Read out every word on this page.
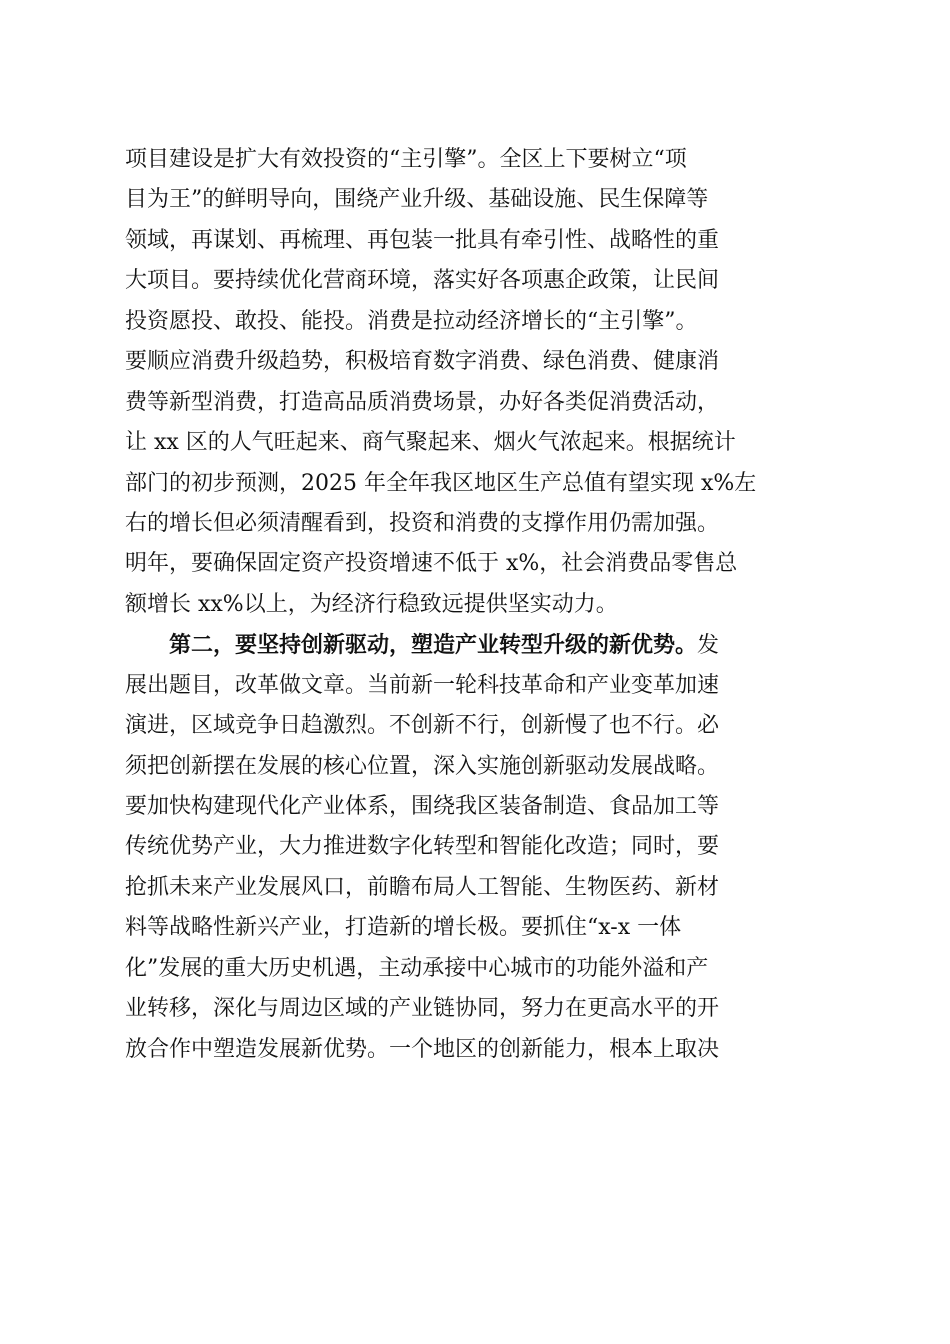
项目建设是扩大有效投资的“主引擎”。全区上下要树立“项
目为王”的鲜明导向，围绕产业升级、基础设施、民生保障等
领域，再谋划、再梳理、再包装一批具有牵引性、战略性的重
大项目。要持续优化营商环境，落实好各项惠企政策，让民间
投资愿投、敢投、能投。消费是拉动经济增长的“主引擎”。
要顺应消费升级趋势，积极培育数字消费、绿色消费、健康消
费等新型消费，打造高品质消费场景，办好各类促消费活动，
让 xx 区的人气旺起来、商气聚起来、烟火气浓起来。根据统计
部门的初步预测，2025 年全年我区地区生产总值有望实现 x%左
右的增长但必须清醒看到，投资和消费的支撑作用仍需加强。
明年，要确保固定资产投资增速不低于 x%，社会消费品零售总
额增长 xx%以上，为经济行稳致远提供坚实动力。
第二，要坚持创新驱动，塑造产业转型升级的新优势。发
展出题目，改革做文章。当前新一轮科技革命和产业变革加速
演进，区域竞争日趋激烈。不创新不行，创新慢了也不行。必
须把创新摆在发展的核心位置，深入实施创新驱动发展战略。
要加快构建现代化产业体系，围绕我区装备制造、食品加工等
传统优势产业，大力推进数字化转型和智能化改造；同时，要
抢抓未来产业发展风口，前瞻布局人工智能、生物医药、新材
料等战略性新兴产业，打造新的增长极。要抓住“x-x 一体
化”发展的重大历史机遇，主动承接中心城市的功能外溢和产
业转移，深化与周边区域的产业链协同，努力在更高水平的开
放合作中塑造发展新优势。一个地区的创新能力，根本上取决
